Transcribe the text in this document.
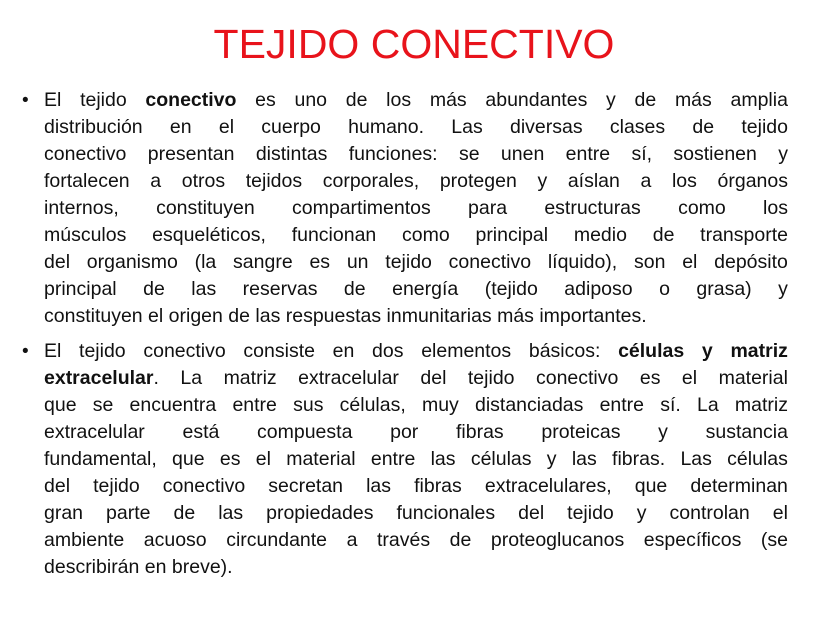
TEJIDO CONECTIVO
• El tejido conectivo es uno de los más abundantes y de más amplia
distribución en el cuerpo humano. Las diversas clases de tejido
conectivo presentan distintas funciones: se unen entre sí, sostienen y
fortalecen a otros tejidos corporales, protegen y aíslan a los órganos
internos, constituyen compartimentos para estructuras como los
músculos esqueléticos, funcionan como principal medio de transporte
del organismo (la sangre es un tejido conectivo líquido), son el depósito
principal de las reservas de energía (tejido adiposo o grasa) y
constituyen el origen de las respuestas inmunitarias más importantes.
• El tejido conectivo consiste en dos elementos básicos: células y matriz
extracelular. La matriz extracelular del tejido conectivo es el material
que se encuentra entre sus células, muy distanciadas entre sí. La matriz
extracelular está compuesta por fibras proteicas y sustancia
fundamental, que es el material entre las células y las fibras. Las células
del tejido conectivo secretan las fibras extracelulares, que determinan
gran parte de las propiedades funcionales del tejido y controlan el
ambiente acuoso circundante a través de proteoglucanos específicos (se
describirán en breve).
